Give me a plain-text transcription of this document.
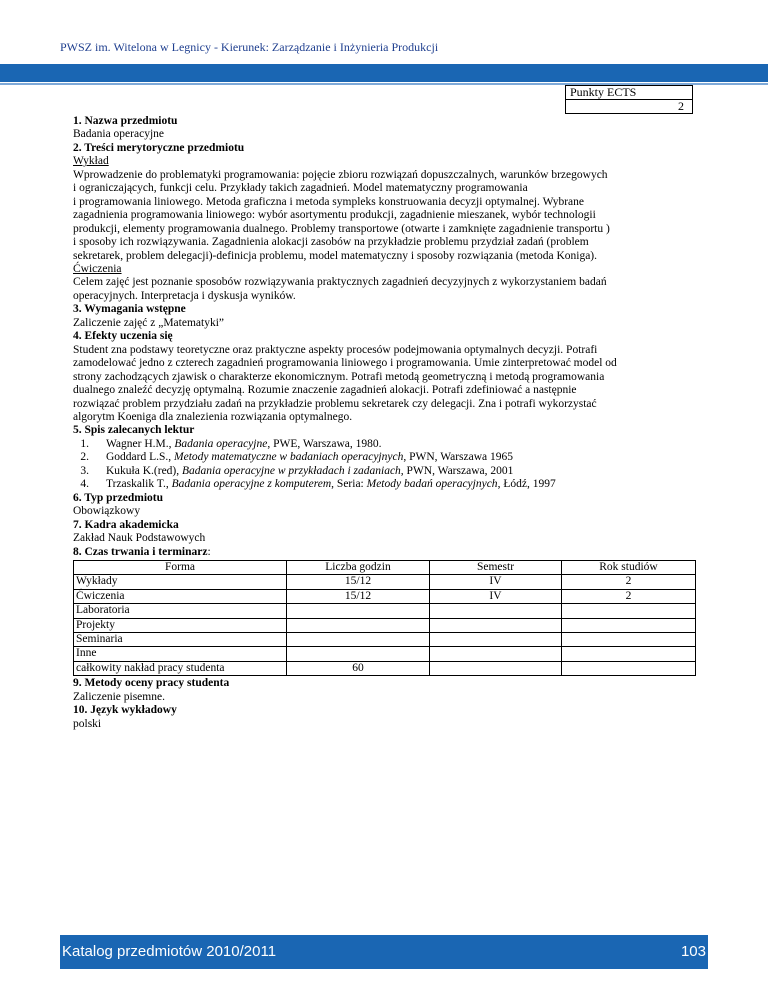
PWSZ im. Witelona w Legnicy - Kierunek: Zarządzanie i Inżynieria Produkcji
Punkty ECTS
2

1. Nazwa przedmiotu

Badania operacyjne

2. Treści merytoryczne przedmiotu

Wykład

Wprowadzenie do problematyki programowania: pojęcie zbioru rozwiązań dopuszczalnych, warunków brzegowych
i ograniczających, funkcji celu. Przykłady takich zagadnień. Model matematyczny programowania
i programowania liniowego. Metoda graficzna i metoda sympleks konstruowania decyzji optymalnej. Wybrane
zagadnienia programowania liniowego: wybór asortymentu produkcji, zagadnienie mieszanek, wybór technologii
produkcji, elementy programowania dualnego. Problemy transportowe (otwarte i zamknięte zagadnienie transportu )
i sposoby ich rozwiązywania. Zagadnienia alokacji zasobów na przykładzie problemu przydział zadań (problem
sekretarek, problem delegacji)-definicja problemu, model matematyczny i sposoby rozwiązania (metoda Koniga).

Ćwiczenia

Celem zajęć jest poznanie sposobów rozwiązywania praktycznych zagadnień decyzyjnych z wykorzystaniem badań
operacyjnych. Interpretacja i dyskusja wyników.

3. Wymagania wstępne

Zaliczenie zajęć z „Matematyki”

4. Efekty uczenia się

Student zna podstawy teoretyczne oraz praktyczne aspekty procesów podejmowania optymalnych decyzji. Potrafi
zamodelować jedno z czterech zagadnień programowania liniowego i programowania. Umie zinterpretować model od
strony zachodzących zjawisk o charakterze ekonomicznym. Potrafi metodą geometryczną i metodą programowania
dualnego znaleźć decyzję optymalną. Rozumie znaczenie zagadnień alokacji. Potrafi zdefiniować a następnie
rozwiązać problem przydziału zadań na przykładzie problemu sekretarek czy delegacji. Zna i potrafi wykorzystać
algorytm Koeniga dla znalezienia rozwiązania optymalnego.

5. Spis zalecanych lektur

1. Wagner H.M., Badania operacyjne, PWE, Warszawa, 1980.
2. Goddard L.S., Metody matematyczne w badaniach operacyjnych, PWN, Warszawa 1965
3. Kukuła K.(red), Badania operacyjne w przykładach i zadaniach, PWN, Warszawa, 2001
4. Trzaskalik T., Badania operacyjne z komputerem, Seria: Metody badań operacyjnych, Łódź, 1997

6. Typ przedmiotu

Obowiązkowy

7. Kadra akademicka

Zakład Nauk Podstawowych

8. Czas trwania i terminarz:

Forma	Liczba godzin	Semestr	Rok studiów
Wykłady	15/12	IV	2
Ćwiczenia	15/12	IV	2
Laboratoria			
Projekty			
Seminaria			
Inne			
całkowity nakład pracy studenta	60		

9. Metody oceny pracy studenta

Zaliczenie pisemne.

10. Język wykładowy

polski

Katalog przedmiotów 2010/2011	103
